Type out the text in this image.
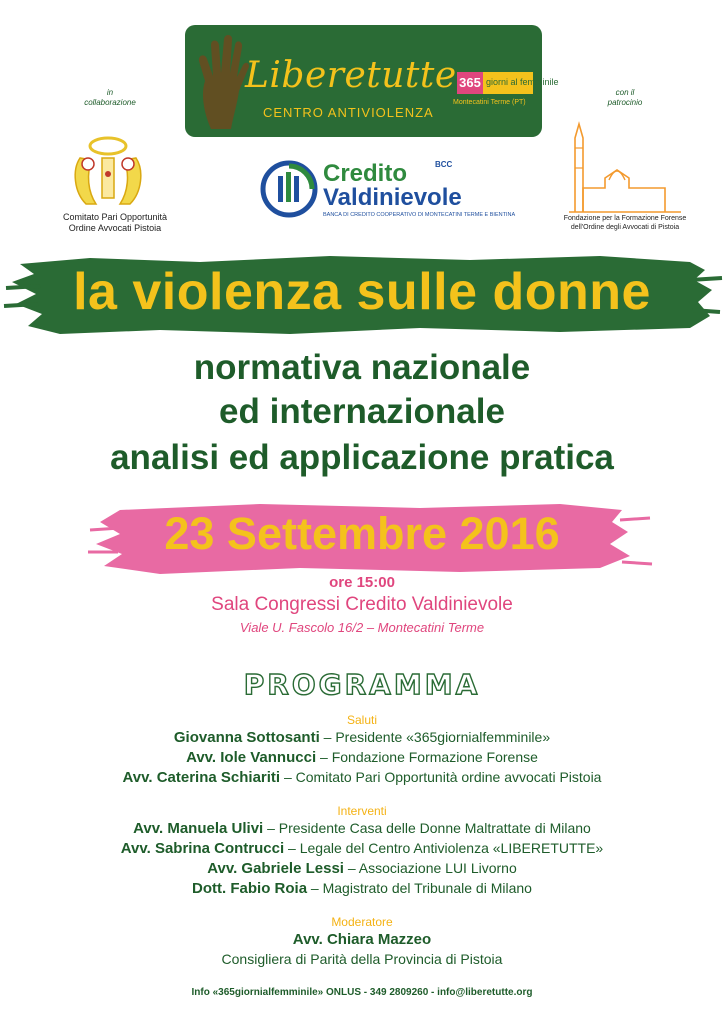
Liberetutte
CENTRO ANTIVIOLENZA
365 giorni al femminile
Montecatini Terme (PT)
in
collaborazione
Comitato Pari Opportunità
Ordine Avvocati Pistoia
con il
patrocinio
Fondazione per la Formazione Forense
dell'Ordine degli Avvocati di Pistoia
Credito
Valdinievole
BANCA DI CREDITO COOPERATIVO DI MONTECATINI TERME E BIENTINA
BCC
la violenza sulle donne
normativa nazionale
ed internazionale
analisi ed applicazione pratica
23 Settembre 2016
ore 15:00
Sala Congressi Credito Valdinievole
Viale U. Fascolo 16/2 – Montecatini Terme
PROGRAMMA
Saluti
Giovanna Sottosanti – Presidente «365giornialfemminile»
Avv. Iole Vannucci – Fondazione Formazione Forense
Avv. Caterina Schiariti – Comitato Pari Opportunità ordine avvocati Pistoia
Interventi
Avv. Manuela Ulivi – Presidente Casa delle Donne Maltrattate di Milano
Avv. Sabrina Contrucci – Legale del Centro Antiviolenza «LIBERETUTTE»
Avv. Gabriele Lessi – Associazione LUI Livorno
Dott. Fabio Roia – Magistrato del Tribunale di Milano
Moderatore
Avv. Chiara Mazzeo
Consigliera di Parità della Provincia di Pistoia
Info «365giornialfemminile» ONLUS - 349 2809260 - info@liberetutte.org
